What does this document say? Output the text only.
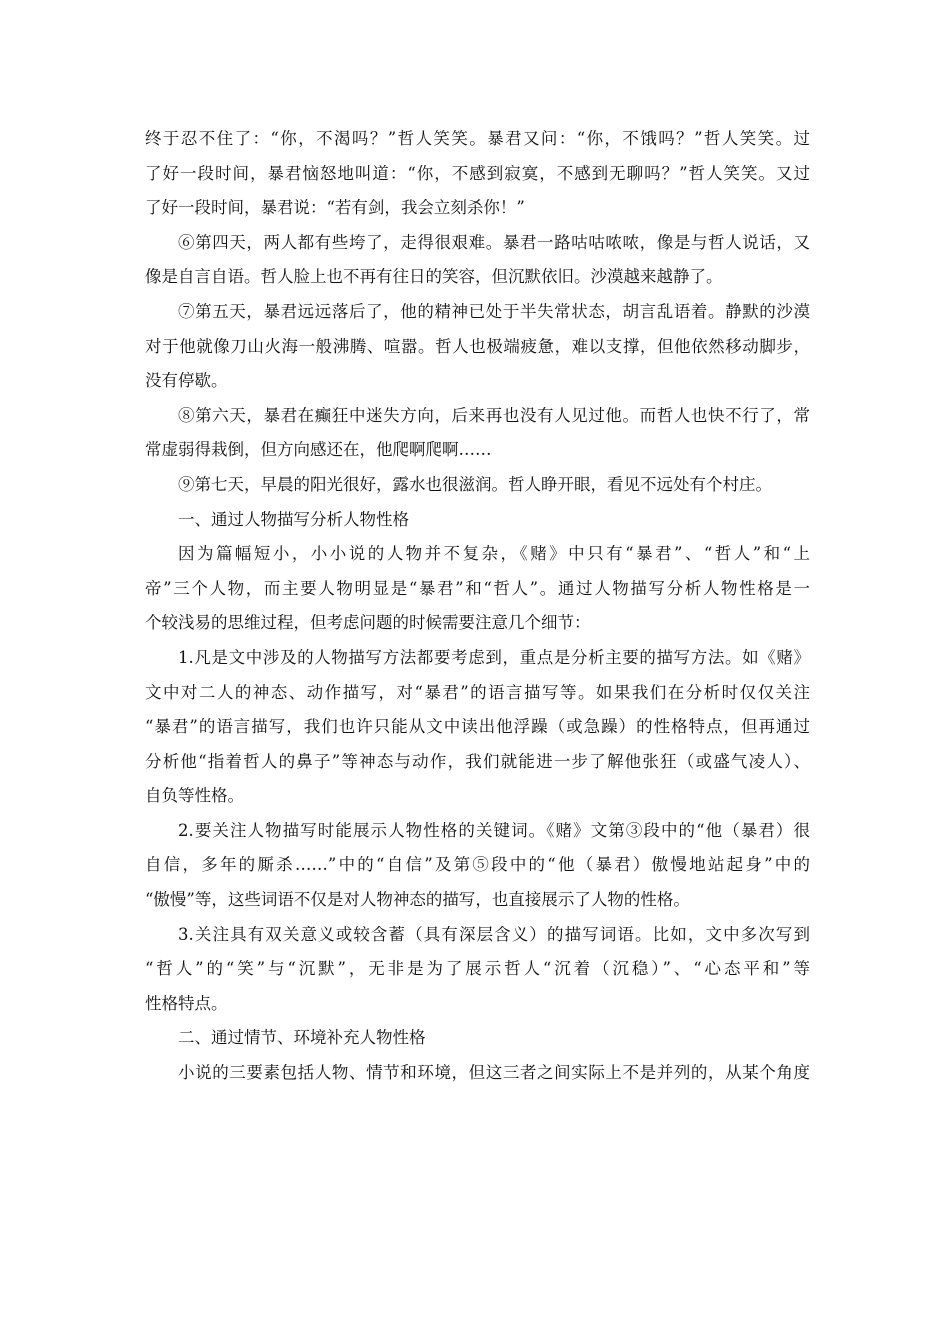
终于忍不住了：“你，不渴吗？”哲人笑笑。暴君又问：“你，不饿吗？”哲人笑笑。过
了好一段时间，暴君恼怒地叫道：“你，不感到寂寞，不感到无聊吗？”哲人笑笑。又过
了好一段时间，暴君说：“若有剑，我会立刻杀你！”
⑥第四天，两人都有些垮了，走得很艰难。暴君一路咕咕哝哝，像是与哲人说话，又
像是自言自语。哲人脸上也不再有往日的笑容，但沉默依旧。沙漠越来越静了。
⑦第五天，暴君远远落后了，他的精神已处于半失常状态，胡言乱语着。静默的沙漠
对于他就像刀山火海一般沸腾、喧嚣。哲人也极端疲惫，难以支撑，但他依然移动脚步，
没有停歇。
⑧第六天，暴君在癫狂中迷失方向，后来再也没有人见过他。而哲人也快不行了，常
常虚弱得栽倒，但方向感还在，他爬啊爬啊……
⑨第七天，早晨的阳光很好，露水也很滋润。哲人睁开眼，看见不远处有个村庄。
一、通过人物描写分析人物性格
因为篇幅短小，小小说的人物并不复杂，《赌》中只有“暴君”、“哲人”和“上
帝”三个人物，而主要人物明显是“暴君”和“哲人”。通过人物描写分析人物性格是一
个较浅易的思维过程，但考虑问题的时候需要注意几个细节：
1.凡是文中涉及的人物描写方法都要考虑到，重点是分析主要的描写方法。如《赌》
文中对二人的神态、动作描写，对“暴君”的语言描写等。如果我们在分析时仅仅关注
“暴君”的语言描写，我们也许只能从文中读出他浮躁（或急躁）的性格特点，但再通过
分析他“指着哲人的鼻子”等神态与动作，我们就能进一步了解他张狂（或盛气凌人）、
自负等性格。
2.要关注人物描写时能展示人物性格的关键词。《赌》文第③段中的“他（暴君）很
自信，多年的厮杀……”中的“自信”及第⑤段中的“他（暴君）傲慢地站起身”中的
“傲慢”等，这些词语不仅是对人物神态的描写，也直接展示了人物的性格。
3.关注具有双关意义或较含蓄（具有深层含义）的描写词语。比如，文中多次写到
“哲人”的“笑”与“沉默”，无非是为了展示哲人“沉着（沉稳）”、“心态平和”等
性格特点。
二、通过情节、环境补充人物性格
小说的三要素包括人物、情节和环境，但这三者之间实际上不是并列的，从某个角度
